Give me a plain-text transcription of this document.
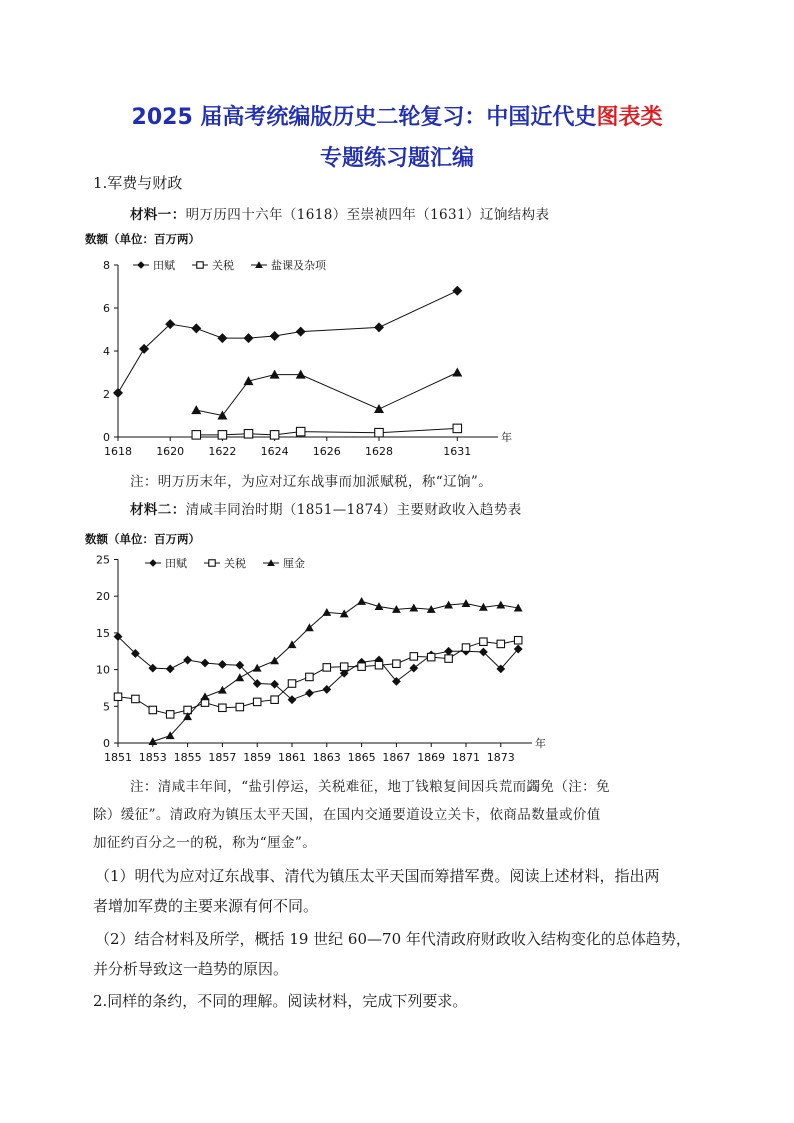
2025 届高考统编版历史二轮复习：中国近代史图表类
专题练习题汇编
1.军费与财政
材料一：明万历四十六年（1618）至崇祯四年（1631）辽饷结构表
数额（单位：百万两）
年
0
2
4
6
8
1618 1620 1622 1624 1626 1628	1631
田赋	关税	盐课及杂项
注：明万历末年，为应对辽东战事而加派赋税，称“辽饷”。
材料二：清咸丰同治时期（1851—1874）主要财政收入趋势表
数额（单位：百万两）
年
0
5
10
15
20
25
1851 1853 1855 1857 1859 1861 1863 1865 1867 1869 1871 1873
田赋	关税	厘金
注：清咸丰年间，“盐引停运，关税难征，地丁钱粮复间因兵荒而蠲免（注：免
除）缓征”。清政府为镇压太平天国，在国内交通要道设立关卡，依商品数量或价值
加征约百分之一的税，称为“厘金”。
（1）明代为应对辽东战事、清代为镇压太平天国而筹措军费。阅读上述材料，指出两
者增加军费的主要来源有何不同。
（2）结合材料及所学，概括 19 世纪 60—70 年代清政府财政收入结构变化的总体趋势，
并分析导致这一趋势的原因。
2.同样的条约，不同的理解。阅读材料，完成下列要求。
